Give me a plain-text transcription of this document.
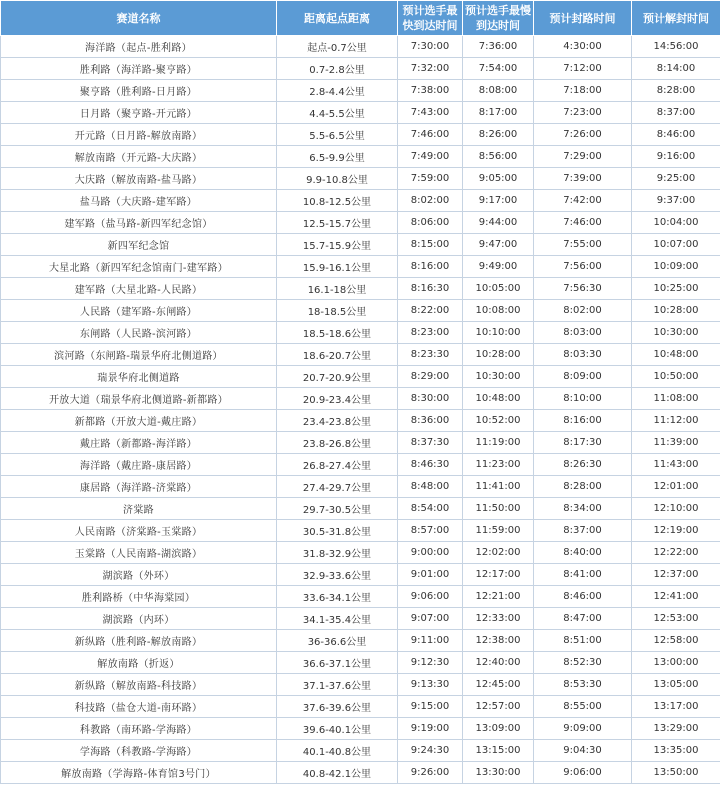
赛道名称	距离起点距离	预计选手最快到达时间	预计选手最慢到达时间	预计封路时间	预计解封时间
海洋路（起点-胜利路）	起点-0.7公里	7:30:00	7:36:00	4:30:00	14:56:00
胜利路（海洋路-聚亨路）	0.7-2.8公里	7:32:00	7:54:00	7:12:00	8:14:00
聚亨路（胜利路-日月路）	2.8-4.4公里	7:38:00	8:08:00	7:18:00	8:28:00
日月路（聚亨路-开元路）	4.4-5.5公里	7:43:00	8:17:00	7:23:00	8:37:00
开元路（日月路-解放南路）	5.5-6.5公里	7:46:00	8:26:00	7:26:00	8:46:00
解放南路（开元路-大庆路）	6.5-9.9公里	7:49:00	8:56:00	7:29:00	9:16:00
大庆路（解放南路-盐马路）	9.9-10.8公里	7:59:00	9:05:00	7:39:00	9:25:00
盐马路（大庆路-建军路）	10.8-12.5公里	8:02:00	9:17:00	7:42:00	9:37:00
建军路（盐马路-新四军纪念馆）	12.5-15.7公里	8:06:00	9:44:00	7:46:00	10:04:00
新四军纪念馆	15.7-15.9公里	8:15:00	9:47:00	7:55:00	10:07:00
大星北路（新四军纪念馆南门-建军路）	15.9-16.1公里	8:16:00	9:49:00	7:56:00	10:09:00
建军路（大星北路-人民路）	16.1-18公里	8:16:30	10:05:00	7:56:30	10:25:00
人民路（建军路-东闸路）	18-18.5公里	8:22:00	10:08:00	8:02:00	10:28:00
东闸路（人民路-滨河路）	18.5-18.6公里	8:23:00	10:10:00	8:03:00	10:30:00
滨河路（东闸路-瑞景华府北侧道路）	18.6-20.7公里	8:23:30	10:28:00	8:03:30	10:48:00
瑞景华府北侧道路	20.7-20.9公里	8:29:00	10:30:00	8:09:00	10:50:00
开放大道（瑞景华府北侧道路-新都路）	20.9-23.4公里	8:30:00	10:48:00	8:10:00	11:08:00
新都路（开放大道-戴庄路）	23.4-23.8公里	8:36:00	10:52:00	8:16:00	11:12:00
戴庄路（新都路-海洋路）	23.8-26.8公里	8:37:30	11:19:00	8:17:30	11:39:00
海洋路（戴庄路-康居路）	26.8-27.4公里	8:46:30	11:23:00	8:26:30	11:43:00
康居路（海洋路-济棠路）	27.4-29.7公里	8:48:00	11:41:00	8:28:00	12:01:00
济棠路	29.7-30.5公里	8:54:00	11:50:00	8:34:00	12:10:00
人民南路（济棠路-玉棠路）	30.5-31.8公里	8:57:00	11:59:00	8:37:00	12:19:00
玉棠路（人民南路-湖滨路）	31.8-32.9公里	9:00:00	12:02:00	8:40:00	12:22:00
湖滨路（外环）	32.9-33.6公里	9:01:00	12:17:00	8:41:00	12:37:00
胜利路桥（中华海棠园）	33.6-34.1公里	9:06:00	12:21:00	8:46:00	12:41:00
湖滨路（内环）	34.1-35.4公里	9:07:00	12:33:00	8:47:00	12:53:00
新纵路（胜利路-解放南路）	36-36.6公里	9:11:00	12:38:00	8:51:00	12:58:00
解放南路（折返）	36.6-37.1公里	9:12:30	12:40:00	8:52:30	13:00:00
新纵路（解放南路-科技路）	37.1-37.6公里	9:13:30	12:45:00	8:53:30	13:05:00
科技路（盐仓大道-南环路）	37.6-39.6公里	9:15:00	12:57:00	8:55:00	13:17:00
科教路（南环路-学海路）	39.6-40.1公里	9:19:00	13:09:00	9:09:00	13:29:00
学海路（科教路-学海路）	40.1-40.8公里	9:24:30	13:15:00	9:04:30	13:35:00
解放南路（学海路-体育馆3号门）	40.8-42.1公里	9:26:00	13:30:00	9:06:00	13:50:00
